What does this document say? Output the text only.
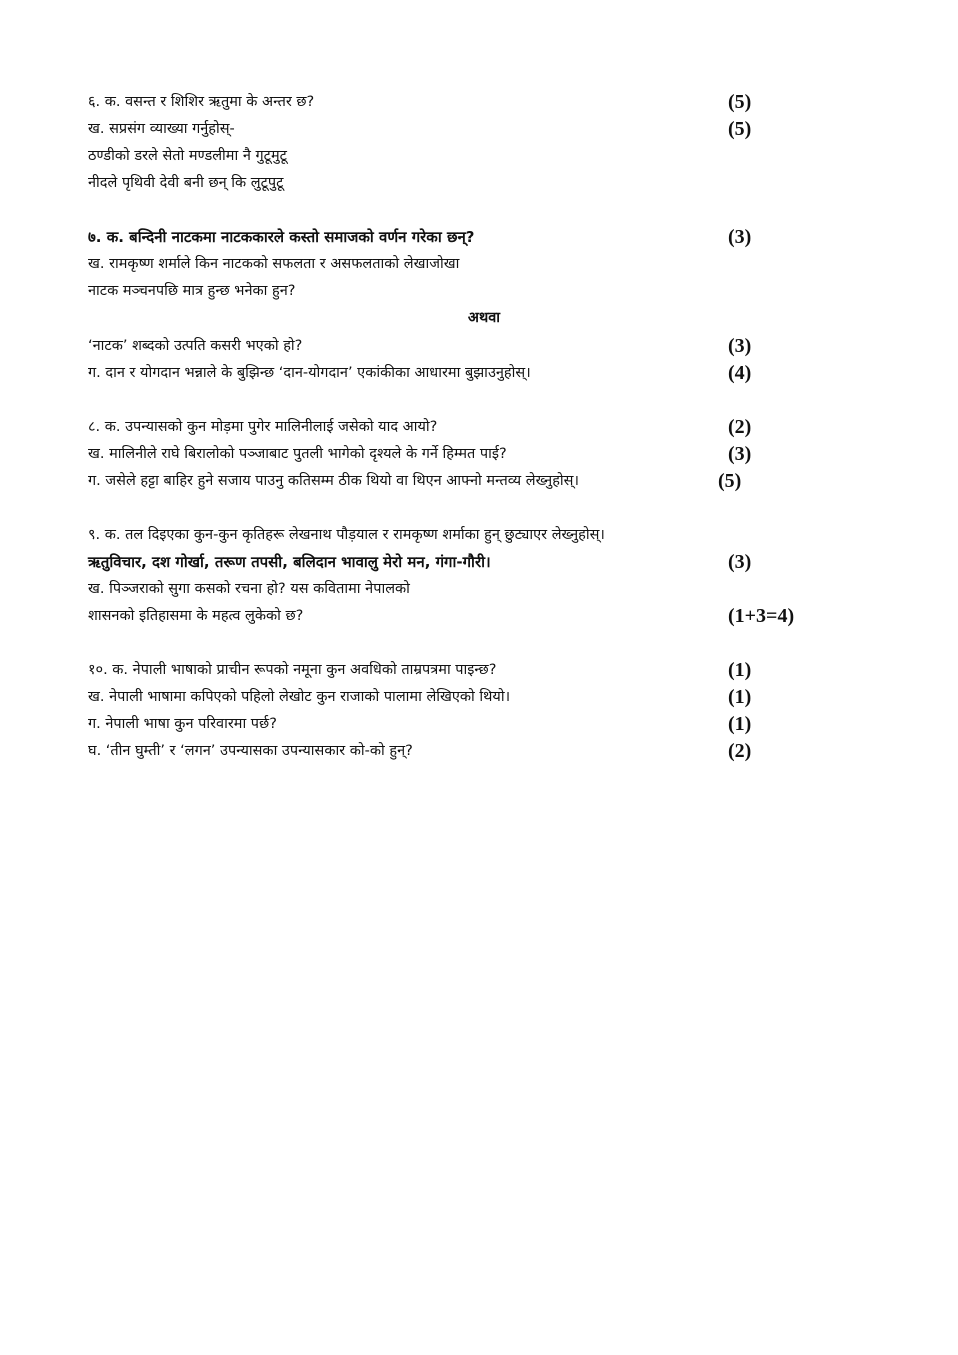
६. क. वसन्त र शिशिर ऋतुमा के अन्तर छ?	(5)
ख. सप्रसंग व्याख्या गर्नुहोस्-	(5)
ठण्डीको डरले सेतो मण्डलीमा नै गुटूमुटू
नीदले पृथिवी देवी बनी छन् कि लुटूपुटू
७. क. बन्दिनी नाटकमा नाटककारले कस्तो समाजको वर्णन गरेका छन्?	(3)
ख. रामकृष्ण शर्माले किन नाटकको सफलता र असफलताको लेखाजोखा
नाटक मञ्चनपछि मात्र हुन्छ भनेका हुन?
अथवा
‘नाटक’ शब्दको उत्पति कसरी भएको हो?	(3)
ग. दान र योगदान भन्नाले के बुझिन्छ ‘दान-योगदान’ एकांकीका आधारमा बुझाउनुहोस्।	(4)
८. क. उपन्यासको कुन मोड़मा पुगेर मालिनीलाई जसेको याद आयो?	(2)
ख. मालिनीले राघे बिरालोको पञ्जाबाट पुतली भागेको दृश्यले के गर्ने हिम्मत पाई?	(3)
ग. जसेले हट्टा बाहिर हुने सजाय पाउनु कतिसम्म ठीक थियो वा थिएन आफ्नो मन्तव्य लेख्नुहोस्।	(5)
९. क. तल दिइएका कुन-कुन कृतिहरू लेखनाथ पौड़याल र रामकृष्ण शर्माका हुन् छुट्याएर लेख्नुहोस्।
ऋतुविचार, दश गोर्खा, तरूण तपसी, बलिदान भावालु मेरो मन, गंगा-गौरी।	(3)
ख. पिञ्जराको सुगा कसको रचना हो? यस कवितामा नेपालको
शासनको इतिहासमा के महत्व लुकेको छ?	(1+3=4)
१०. क. नेपाली भाषाको प्राचीन रूपको नमूना कुन अवधिको ताम्रपत्रमा पाइन्छ?	(1)
ख. नेपाली भाषामा कपिएको पहिलो लेखोट कुन राजाको पालामा लेखिएको थियो।	(1)
ग. नेपाली भाषा कुन परिवारमा पर्छ?	(1)
घ. ‘तीन घुम्ती’ र ‘लगन’ उपन्यासका उपन्यासकार को-को हुन्?	(2)
